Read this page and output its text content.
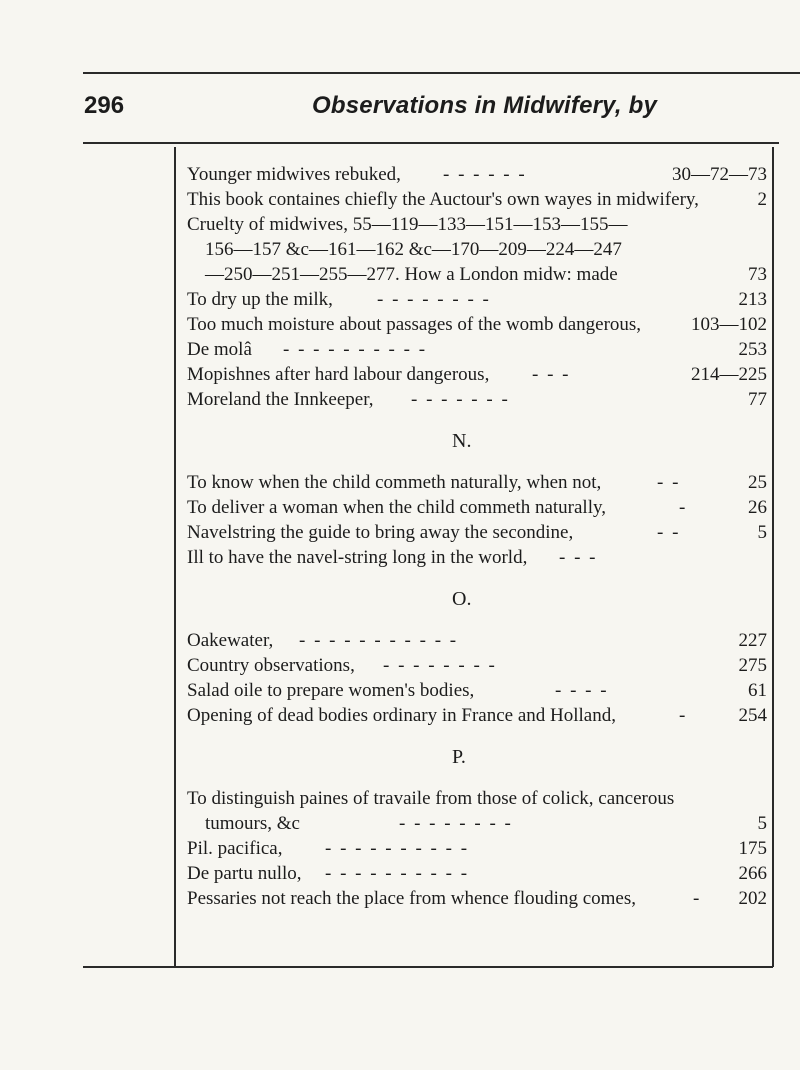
296	Observations in Midwifery, by
Younger midwives rebuked, - - - - - -	30—72—73
This book containes chiefly the Auctour's own wayes in midwifery,	2
Cruelty of midwives, 55—119—133—151—153—155—
156—157 &c—161—162 &c—170—209—224—247
—250—251—255—277. How a London midw: made	73
To dry up the milk, - - - - - - - -	213
Too much moisture about passages of the womb dangerous,	103—102
De molâ - - - - - - - - - -	253
Mopishnes after hard labour dangerous, - - -	214—225
Moreland the Innkeeper, - - - - - - -	77
N.
To know when the child commeth naturally, when not,	- -	25
To deliver a woman when the child commeth naturally,	-	26
Navelstring the guide to bring away the secondine,	- -	5
Ill to have the navel-string long in the world, - - -
O.
Oakewater, - - - - - - - - - - -	227
Country observations, - - - - - - - -	275
Salad oile to prepare women's bodies,	- - - -	61
Opening of dead bodies ordinary in France and Holland,	-	254
P.
To distinguish paines of travaile from those of colick, cancerous
tumours, &c	- - - - - - - -	5
Pil. pacifica, - - - - - - - - - -	175
De partu nullo, - - - - - - - - - -	266
Pessaries not reach the place from whence flouding comes,	- 202
